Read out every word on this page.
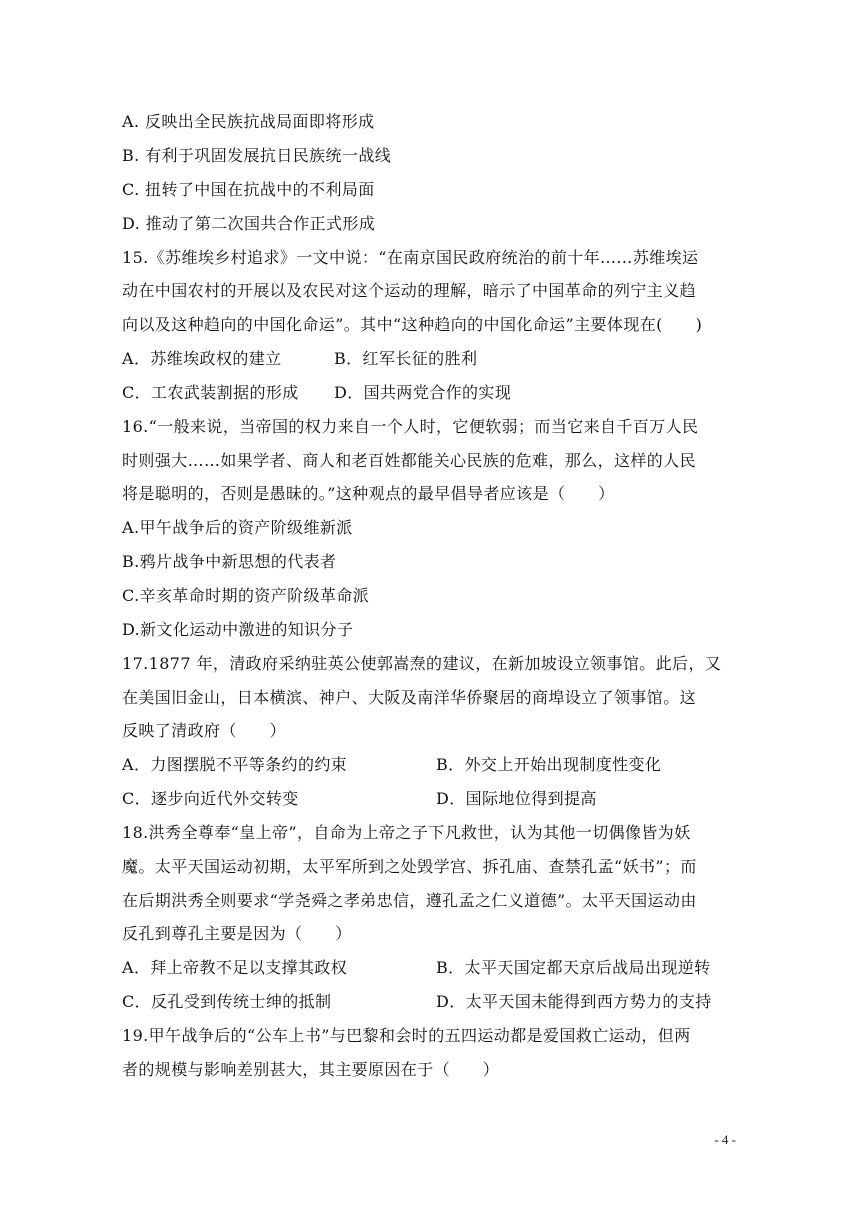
A. 反映出全民族抗战局面即将形成
B. 有利于巩固发展抗日民族统一战线
C. 扭转了中国在抗战中的不利局面
D. 推动了第二次国共合作正式形成
15.《苏维埃乡村追求》一文中说：“在南京国民政府统治的前十年……苏维埃运
动在中国农村的开展以及农民对这个运动的理解，暗示了中国革命的列宁主义趋
向以及这种趋向的中国化命运”。其中“这种趋向的中国化命运”主要体现在(　　)
A．苏维埃政权的建立	B．红军长征的胜利
C．工农武装割据的形成 D．国共两党合作的实现
16.“一般来说，当帝国的权力来自一个人时，它便软弱；而当它来自千百万人民
时则强大……如果学者、商人和老百姓都能关心民族的危难，那么，这样的人民
将是聪明的，否则是愚昧的。”这种观点的最早倡导者应该是（　　）
A.甲午战争后的资产阶级维新派
B.鸦片战争中新思想的代表者
C.辛亥革命时期的资产阶级革命派
D.新文化运动中激进的知识分子
17.1877 年，清政府采纳驻英公使郭嵩焘的建议，在新加坡设立领事馆。此后，又
在美国旧金山，日本横滨、神户、大阪及南洋华侨聚居的商埠设立了领事馆。这
反映了清政府（　　）
A．力图摆脱不平等条约的约束	B．外交上开始出现制度性变化
C．逐步向近代外交转变	D．国际地位得到提高
18.洪秀全尊奉“皇上帝”，自命为上帝之子下凡救世，认为其他一切偶像皆为妖
魔。太平天国运动初期，太平军所到之处毁学宫、拆孔庙、查禁孔孟“妖书”；而
在后期洪秀全则要求“学尧舜之孝弟忠信，遵孔孟之仁义道德”。太平天国运动由
反孔到尊孔主要是因为（　　）
A．拜上帝教不足以支撑其政权	B．太平天国定都天京后战局出现逆转
C．反孔受到传统士绅的抵制	D．太平天国未能得到西方势力的支持
19.甲午战争后的“公车上书”与巴黎和会时的五四运动都是爱国救亡运动，但两
者的规模与影响差别甚大，其主要原因在于（　　）
- 4 -
